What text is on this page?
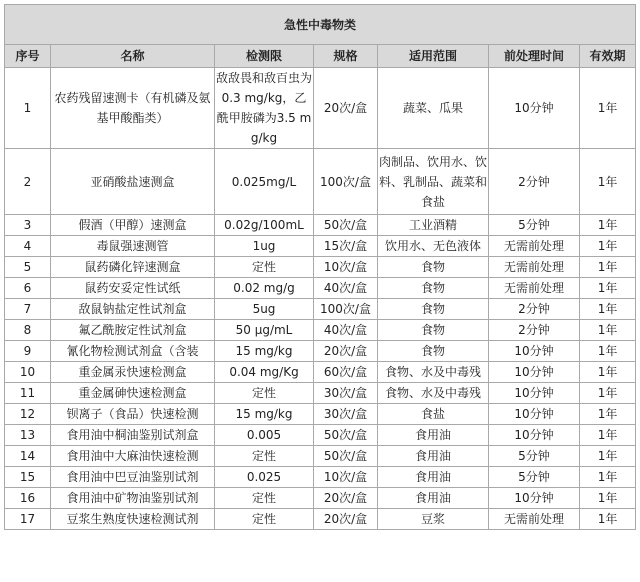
急性中毒物类						
序号	名称	检测限	规格	适用范围	前处理时间	有效期
1	农药残留速测卡（有机磷及氨基甲酸酯类）	敌敌畏和敌百虫为0.3 mg/kg，乙酰甲胺磷为3.5 mg/kg	20次/盒	蔬菜、瓜果	10分钟	1年
2	亚硝酸盐速测盒	0.025mg/L	100次/盒	肉制品、饮用水、饮料、乳制品、蔬菜和食盐	2分钟	1年
3	假酒（甲醇）速测盒	0.02g/100mL	50次/盒	工业酒精	5分钟	1年
4	毒鼠强速测管	1ug	15次/盒	饮用水、无色液体	无需前处理	1年
5	鼠药磷化锌速测盒	定性	10次/盒	食物	无需前处理	1年
6	鼠药安妥定性试纸	0.02 mg/g	40次/盒	食物	无需前处理	1年
7	敌鼠钠盐定性试剂盒	5ug	100次/盒	食物	2分钟	1年
8	氟乙酰胺定性试剂盒	50 μg/mL	40次/盒	食物	2分钟	1年
9	氰化物检测试剂盒（含装	15 mg/kg	20次/盒	食物	10分钟	1年
10	重金属汞快速检测盒	0.04 mg/Kg	60次/盒	食物、水及中毒残	10分钟	1年
11	重金属砷快速检测盒	定性	30次/盒	食物、水及中毒残	10分钟	1年
12	钡离子（食品）快速检测	15 mg/kg	30次/盒	食盐	10分钟	1年
13	食用油中桐油鉴别试剂盒	0.005	50次/盒	食用油	10分钟	1年
14	食用油中大麻油快速检测	定性	50次/盒	食用油	5分钟	1年
15	食用油中巴豆油鉴别试剂	0.025	10次/盒	食用油	5分钟	1年
16	食用油中矿物油鉴别试剂	定性	20次/盒	食用油	10分钟	1年
17	豆浆生熟度快速检测试剂	定性	20次/盒	豆浆	无需前处理	1年
